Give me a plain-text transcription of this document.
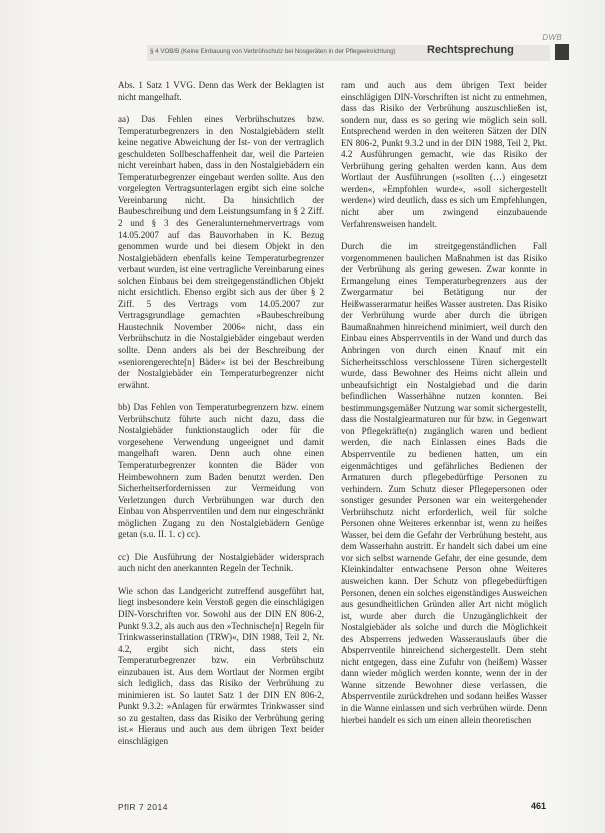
DWB
§ 4 VOB/B (Keine Einbauung von Verbrühschutz bei Nosgeräten in der Pflegeeinrichtung)	Rechtsprechung

Abs. 1 Satz 1 VVG. Denn das Werk der Beklagten ist nicht mangelhaft.

aa) Das Fehlen eines Verbrühschutzes bzw. Temperaturbegrenzers in den Nostalgiebädern stellt keine negative Abweichung der Ist- von der vertraglich geschuldeten Sollbeschaffenheit dar, weil die Parteien nicht vereinbart haben, dass in den Nostalgiebädern ein Temperaturbegrenzer eingebaut werden sollte. Aus den vorgelegten Vertragsunterlagen ergibt sich eine solche Vereinbarung nicht. Da hinsichtlich der Baubeschreibung und dem Leistungsumfang in § 2 Ziff. 2 und § 3 des Generalunternehmervertrags vom 14.05.2007 auf das Bauvorhaben in K. Bezug genommen wurde und bei diesem Objekt in den Nostalgiebädern ebenfalls keine Temperaturbegrenzer verbaut wurden, ist eine vertragliche Vereinbarung eines solchen Einbaus bei dem streitgegenständlichen Objekt nicht ersichtlich. Ebenso ergibt sich aus der über § 2 Ziff. 5 des Vertrags vom 14.05.2007 zur Vertragsgrundlage gemachten »Baubeschreibung Haustechnik November 2006« nicht, dass ein Verbrühschutz in die Nostalgiebäder eingebaut werden sollte. Denn anders als bei der Beschreibung der »seniorengerechte[n] Bäder« ist bei der Beschreibung der Nostalgiebäder ein Temperaturbegrenzer nicht erwähnt.

bb) Das Fehlen von Temperaturbegrenzern bzw. einem Verbrühschutz führte auch nicht dazu, dass die Nostalgiebäder funktionstauglich oder für die vorgesehene Verwendung ungeeignet und damit mangelhaft waren. Denn auch ohne einen Temperaturbegrenzer konnten die Bäder von Heimbewohnern zum Baden benutzt werden. Den Sicherheitserfordernissen zur Vermeidung von Verletzungen durch Verbrühungen war durch den Einbau von Absperrventilen und dem nur eingeschränkt möglichen Zugang zu den Nostalgiebädern Genüge getan (s.u. II. 1. c) cc).

cc) Die Ausführung der Nostalgiebäder widersprach auch nicht den anerkannten Regeln der Technik.

Wie schon das Landgericht zutreffend ausgeführt hat, liegt insbesondere kein Verstoß gegen die einschlägigen DIN-Vorschriften vor. Sowohl aus der DIN EN 806-2, Punkt 9.3.2, als auch aus den »Technische[n] Regeln für Trinkwasserinstallation (TRW)«, DIN 1988, Teil 2, Nr. 4.2, ergibt sich nicht, dass stets ein Temperaturbegrenzer bzw. ein Verbrühschutz einzubauen ist. Aus dem Wortlaut der Normen ergibt sich lediglich, dass das Risiko der Verbrühung zu minimieren ist. So lautet Satz 1 der DIN EN 806-2, Punkt 9.3.2: »Anlagen für erwärmtes Trinkwasser sind so zu gestalten, dass das Risiko der Verbrühung gering ist.« Hieraus und auch aus dem übrigen Text beider einschlägigen

ram und auch aus dem übrigen Text beider einschlägigen DIN-Vorschriften ist nicht zu entnehmen, dass das Risiko der Verbrühung auszuschließen ist, sondern nur, dass es so gering wie möglich sein soll. Entsprechend werden in den weiteren Sätzen der DIN EN 806-2, Punkt 9.3.2 und in der DIN 1988, Teil 2, Pkt. 4.2 Ausführungen gemacht, wie das Risiko der Verbrühung gering gehalten werden kann. Aus dem Wortlaut der Ausführungen (»sollten (…) eingesetzt werden«, »Empfohlen wurde«, »soll sichergestellt werden«) wird deutlich, dass es sich um Empfehlungen, nicht aber um zwingend einzubauende Verfahrensweisen handelt.

Durch die im streitgegenständlichen Fall vorgenommenen baulichen Maßnahmen ist das Risiko der Verbrühung als gering gewesen. Zwar konnte in Ermangelung eines Temperaturbegrenzers aus der Zwergarmatur bei Betätigung nur der Heißwasserarmatur heißes Wasser austreten. Das Risiko der Verbrühung wurde aber durch die übrigen Baumaßnahmen hinreichend minimiert, weil durch den Einbau eines Absperrventils in der Wand und durch das Anbringen von durch einen Knauf mit ein Sicherheitsschloss verschlossene Türen sichergestellt wurde, dass Bewohner des Heims nicht allein und unbeaufsichtigt ein Nostalgiebad und die darin befindlichen Wasserhähne nutzen konnten. Bei bestimmungsgemäßer Nutzung war somit sichergestellt, dass die Nostalgiearmaturen nur für bzw. in Gegenwart von Pflegekräfte(n) zugänglich waren und bedient werden, die nach Einlassen eines Bads die Absperrventile zu bedienen hatten, um ein eigenmächtiges und gefährliches Bedienen der Armaturen durch pflegebedürftige Personen zu verhindern. Zum Schutz dieser Pflegepersonen oder sonstiger gesunder Personen war ein weitergehender Verbrühschutz nicht erforderlich, weil für solche Personen ohne Weiteres erkennbar ist, wenn zu heißes Wasser, bei dem die Gefahr der Verbrühung besteht, aus dem Wasserhahn austritt. Er handelt sich dabei um eine vor sich selbst warnende Gefahr, der eine gesunde, dem Kleinkindalter entwachsene Person ohne Weiteres ausweichen kann. Der Schutz von pflegebedürftigen Personen, denen ein solches eigenständiges Ausweichen aus gesundheitlichen Gründen aller Art nicht möglich ist, wurde aber durch die Unzugänglichkeit der Nostalgiebäder als solche und durch die Möglichkeit des Absperrens jedweden Wasserauslaufs über die Absperrventile hinreichend sichergestellt. Dem steht nicht entgegen, dass eine Zufuhr von (heißem) Wasser dann wieder möglich werden konnte, wenn der in der Wanne sitzende Bewohner diese verlassen, die Absperrventile zurückdrehen und sodann heißes Wasser in die Wanne einlassen und sich verbrühen würde. Denn hierbei handelt es sich um einen allein theoretischen

PflR 7 2014	461
